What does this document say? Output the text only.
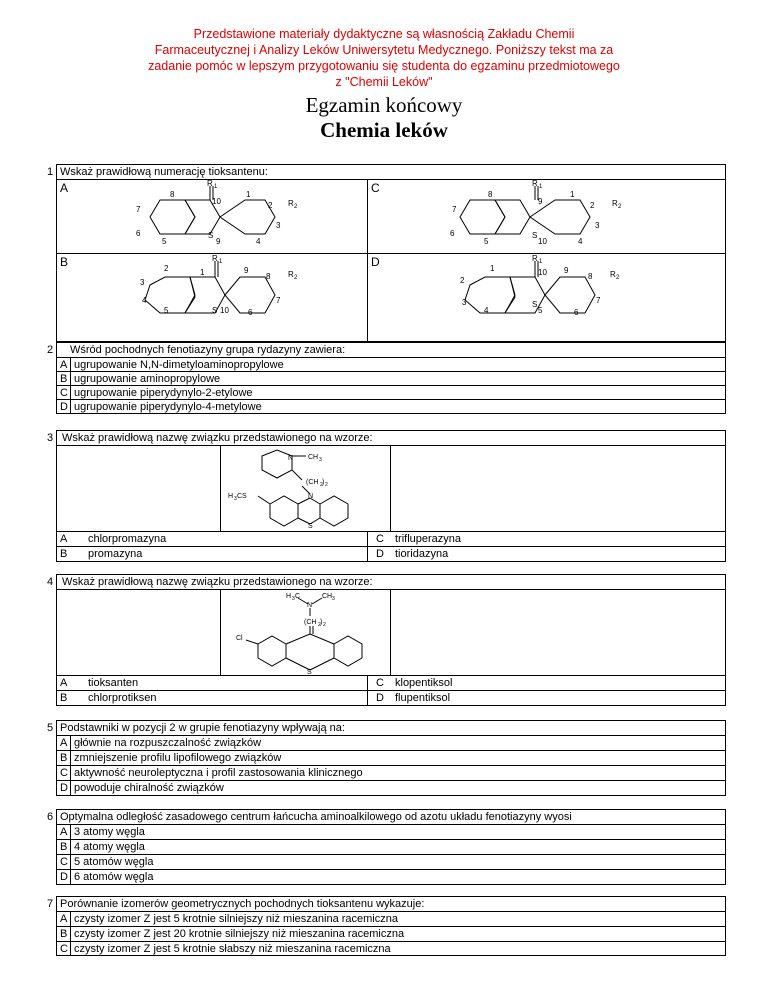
Przedstawione materiały dydaktyczne są własnością Zakładu Chemii
Farmaceutycznej i Analizy Leków Uniwersytetu Medycznego. Poniższy tekst ma za
zadanie pomóc w lepszym przygotowaniu się studenta do egzaminu przedmiotowego
z "Chemii Leków"
Egzamin końcowy
Chemia leków
1 Wskaż prawidłową numerację tioksantenu:
A
B
C
D
R 1
10
8	1
2 R 2
7
3
6
5
S
9	4
R 1
9
8	1
2 R 2
7
3
6
5
S
10	4
R 1
2	1	9
8 R 2
3
4	7
5	S 10 6
R 1
10
1	9
8 R 2
2
3	7
4
S
5	6
2 Wśród pochodnych fenotiazyny grupa rydazyny zawiera:
A ugrupowanie N,N-dimetyloaminopropylowe
B ugrupowanie aminopropylowe
C ugrupowanie piperydynylo-2-etylowe
D ugrupowanie piperydynylo-4-metylowe
3 Wskaż prawidłową nazwę związku przedstawionego na wzorze:
N CH 3
(CH 2 ) 2
N
H 3 CS
S
A chlorpromazyna
B promazyna
C trifluperazyna
D tioridazyna
4 Wskaż prawidłową nazwę związku przedstawionego na wzorze:
H 3 C	CH 3
N
(CH 2 ) 2
Cl
S
A tioksanten
B chlorprotiksen
C klopentiksol
D flupentiksol
5 Podstawniki w pozycji 2 w grupie fenotiazyny wpływają na:
A głównie na rozpuszczalność związków
B zmniejszenie profilu lipofilowego związków
C aktywność neuroleptyczna i profil zastosowania klinicznego
D powoduje chiralność związków
6 Optymalna odległość zasadowego centrum łańcucha aminoalkilowego od azotu układu fenotiazyny wyosi
A 3 atomy węgla
B 4 atomy węgla
C 5 atomów węgla
D 6 atomów węgla
7 Porównanie izomerów geometrycznych pochodnych tioksantenu wykazuje:
A czysty izomer Z jest 5 krotnie silniejszy niż mieszanina racemiczna
B czysty izomer Z jest 20 krotnie silniejszy niż mieszanina racemiczna
C czysty izomer Z jest 5 krotnie słabszy niż mieszanina racemiczna
